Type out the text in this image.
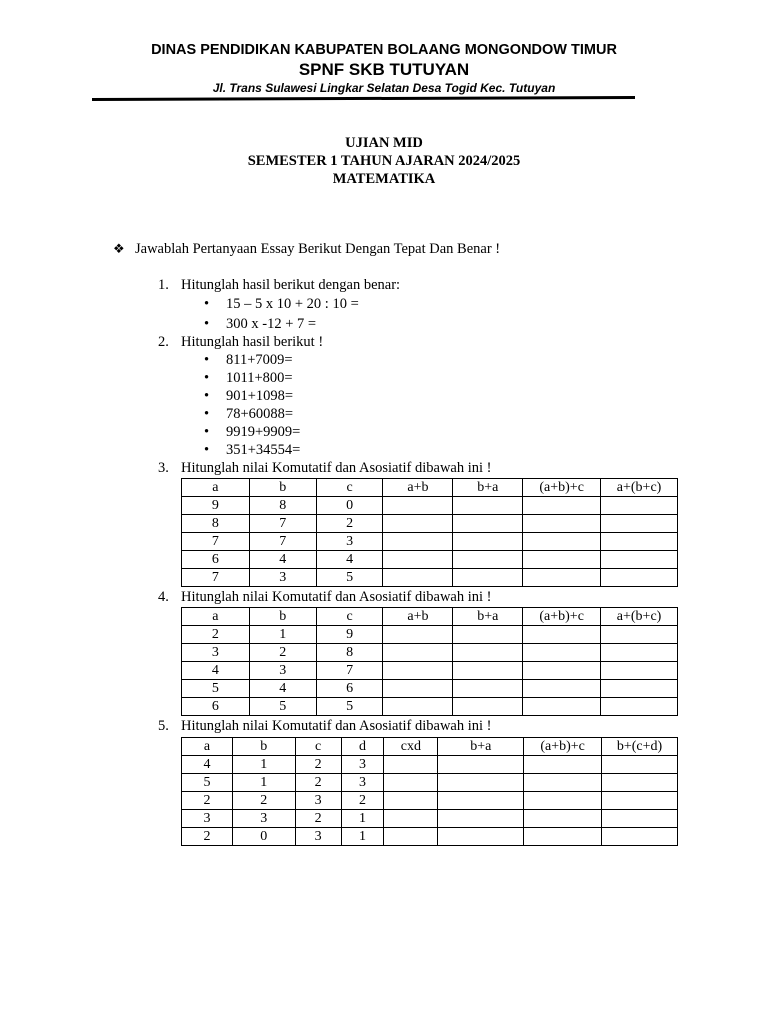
DINAS PENDIDIKAN KABUPATEN BOLAANG MONGONDOW TIMUR
SPNF SKB TUTUYAN
Jl. Trans Sulawesi Lingkar Selatan Desa Togid Kec. Tutuyan
UJIAN MID
SEMESTER 1 TAHUN AJARAN 2024/2025
MATEMATIKA
❖ Jawablah Pertanyaan Essay Berikut Dengan Tepat Dan Benar !
1. Hitunglah hasil berikut dengan benar:
• 15 – 5 x 10 + 20 : 10 =
• 300 x -12 + 7 =
2. Hitunglah hasil berikut !
• 811+7009=
• 1011+800=
• 901+1098=
• 78+60088=
• 9919+9909=
• 351+34554=
3. Hitunglah nilai Komutatif dan Asosiatif dibawah ini !
a	b	c	a+b	b+a	(a+b)+c	a+(b+c)
9	8	0				
8	7	2				
7	7	3				
6	4	4				
7	3	5				
4. Hitunglah nilai Komutatif dan Asosiatif dibawah ini !
a	b	c	a+b	b+a	(a+b)+c	a+(b+c)
2	1	9				
3	2	8				
4	3	7				
5	4	6				
6	5	5				
5. Hitunglah nilai Komutatif dan Asosiatif dibawah ini !
a	b	c	d	cxd	b+a	(a+b)+c	b+(c+d)
4	1	2	3				
5	1	2	3				
2	2	3	2				
3	3	2	1				
2	0	3	1				
